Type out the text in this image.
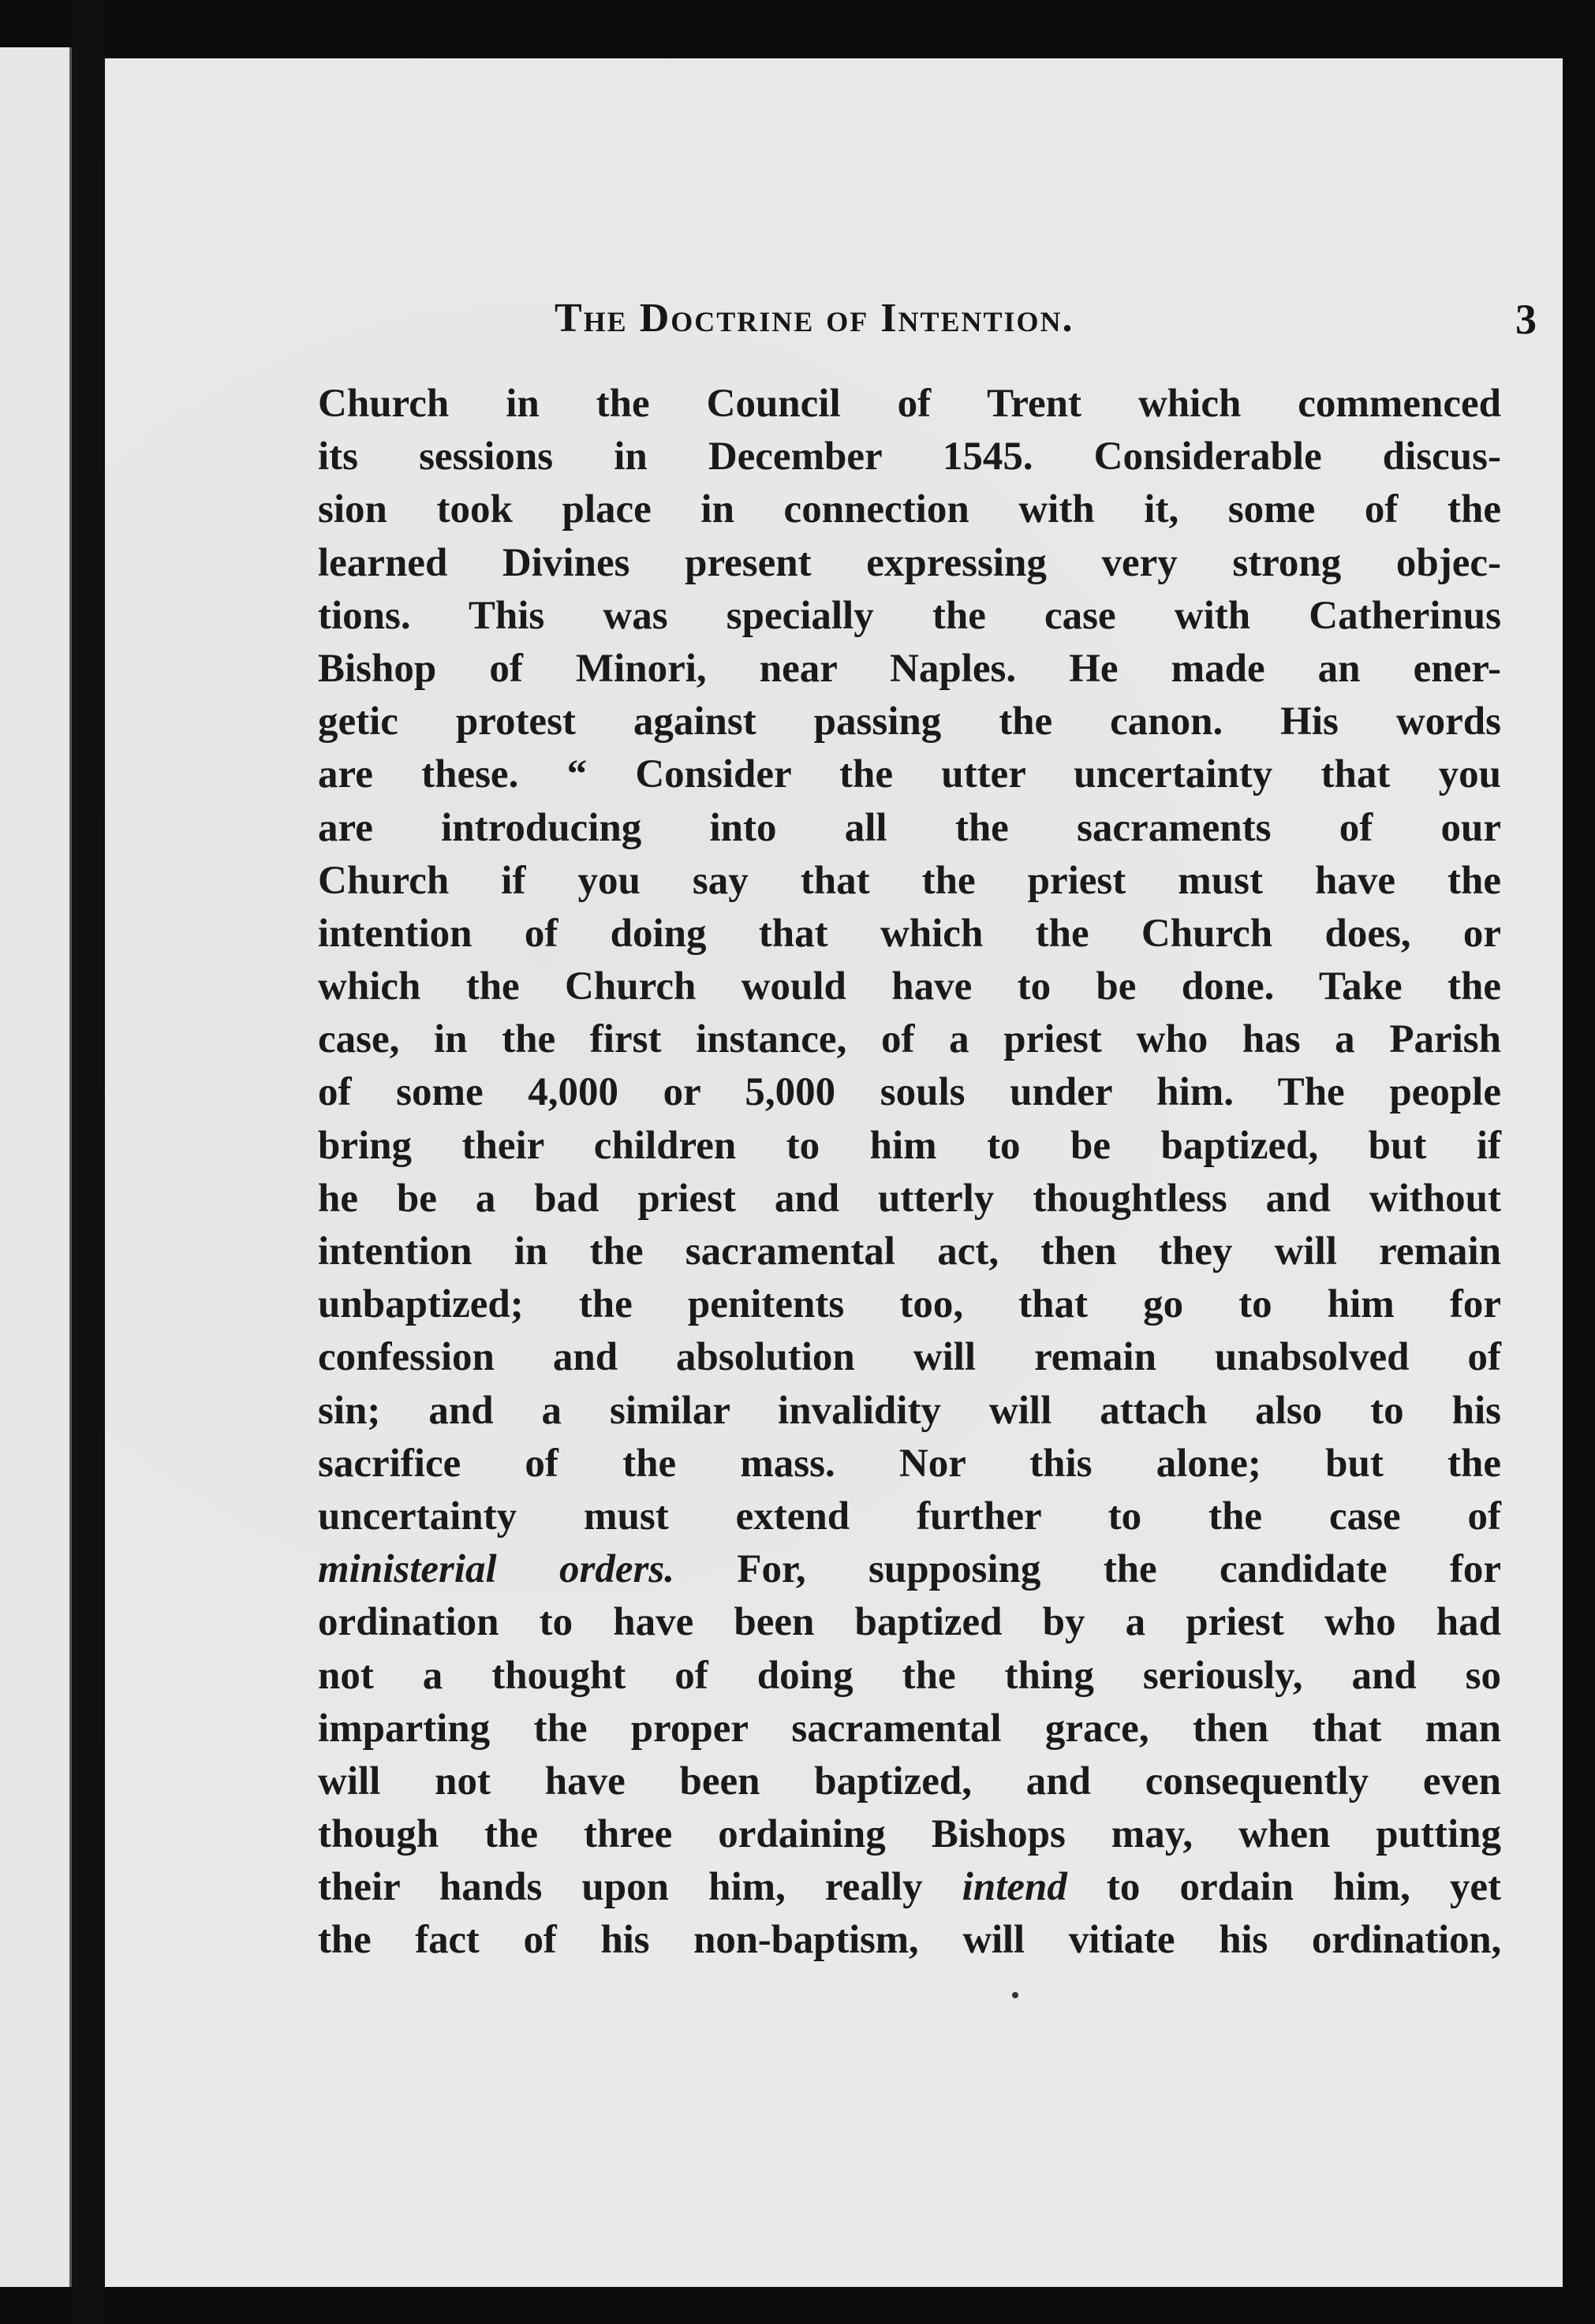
The Doctrine of Intention.	3
Church in the Council of Trent which commenced
its sessions in December 1545. Considerable discus-
sion took place in connection with it, some of the
learned Divines present expressing very strong objec-
tions. This was specially the case with Catherinus
Bishop of Minori, near Naples. He made an ener-
getic protest against passing the canon. His words
are these. “ Consider the utter uncertainty that you
are introducing into all the sacraments of our
Church if you say that the priest must have the
intention of doing that which the Church does, or
which the Church would have to be done. Take the
case, in the first instance, of a priest who has a Parish
of some 4,000 or 5,000 souls under him. The people
bring their children to him to be baptized, but if
he be a bad priest and utterly thoughtless and without
intention in the sacramental act, then they will remain
unbaptized; the penitents too, that go to him for
confession and absolution will remain unabsolved of
sin; and a similar invalidity will attach also to his
sacrifice of the mass. Nor this alone; but the
uncertainty must extend further to the case of
ministerial orders. For, supposing the candidate for
ordination to have been baptized by a priest who had
not a thought of doing the thing seriously, and so
imparting the proper sacramental grace, then that man
will not have been baptized, and consequently even
though the three ordaining Bishops may, when putting
their hands upon him, really intend to ordain him, yet
the fact of his non-baptism, will vitiate his ordination,
